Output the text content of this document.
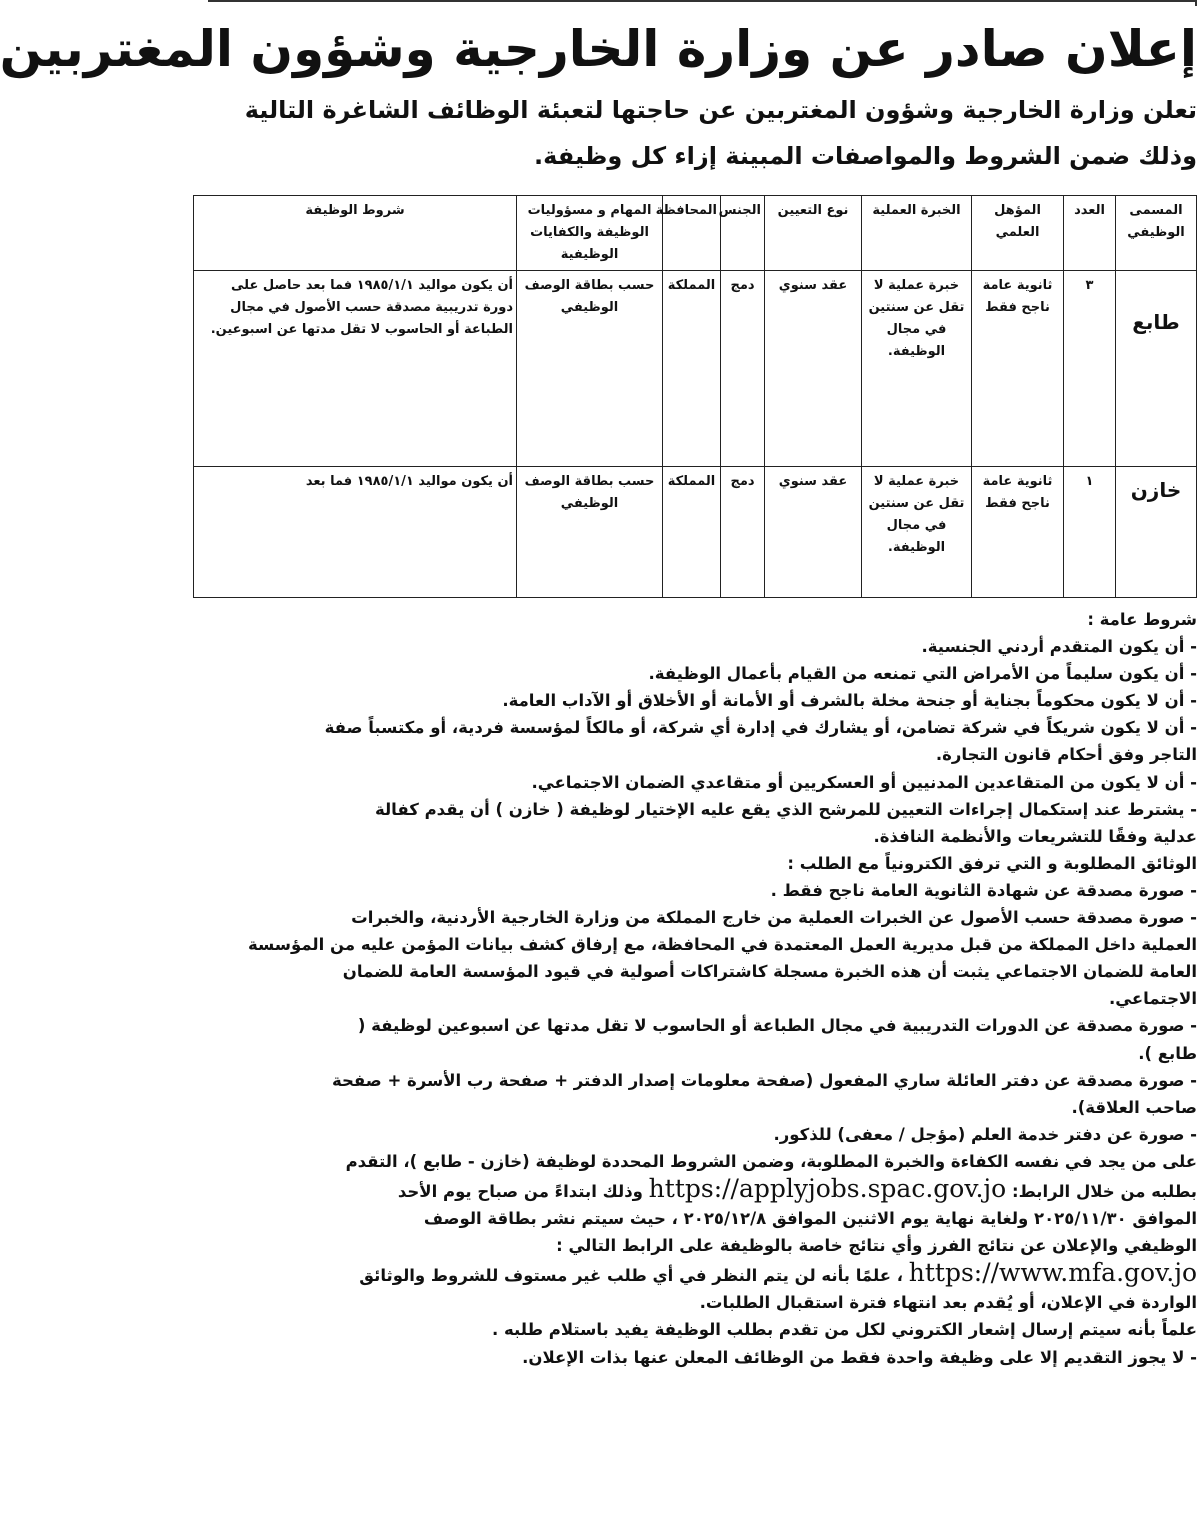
إعلان صادر عن وزارة الخارجية وشؤون المغتربين
تعلن وزارة الخارجية وشؤون المغتربين عن حاجتها لتعبئة الوظائف الشاغرة التالية
وذلك ضمن الشروط والمواصفات المبينة إزاء كل وظيفة.
المسمى الوظيفي	العدد	المؤهل العلمي	الخبرة العملية	نوع التعيين	الجنس	المحافظة	المهام و مسؤوليات الوظيفة والكفايات الوظيفية	شروط الوظيفة
طابع	٣	ثانوية عامة ناجح فقط	خبرة عملية لا تقل عن سنتين في مجال الوظيفة.	عقد سنوي	دمج	المملكة	حسب بطاقة الوصف الوظيفي	أن يكون مواليد ١٩٨٥/١/١ فما بعد حاصل على دورة تدريبية مصدقة حسب الأصول في مجال الطباعة أو الحاسوب لا تقل مدتها عن اسبوعين.
خازن	١	ثانوية عامة ناجح فقط	خبرة عملية لا تقل عن سنتين في مجال الوظيفة.	عقد سنوي	دمج	المملكة	حسب بطاقة الوصف الوظيفي	أن يكون مواليد ١٩٨٥/١/١ فما بعد

شروط عامة :

- أن يكون المتقدم أردني الجنسية.

- أن يكون سليماً من الأمراض التي تمنعه من القيام بأعمال الوظيفة.

- أن لا يكون محكوماً بجناية أو جنحة مخلة بالشرف أو الأمانة أو الأخلاق أو الآداب العامة.

- أن لا يكون شريكاً في شركة تضامن، أو يشارك في إدارة أي شركة، أو مالكاً لمؤسسة فردية، أو مكتسباً صفة

التاجر وفق أحكام قانون التجارة.

- أن لا يكون من المتقاعدين المدنيين أو العسكريين أو متقاعدي الضمان الاجتماعي.

- يشترط عند إستكمال إجراءات التعيين للمرشح الذي يقع عليه الإختيار لوظيفة ( خازن ) أن يقدم كفالة

عدلية وفقًا للتشريعات والأنظمة النافذة.

الوثائق المطلوبة و التي ترفق الكترونياً مع الطلب :

- صورة مصدقة عن شهادة الثانوية العامة ناجح فقط .

- صورة مصدقة حسب الأصول عن الخبرات العملية من خارج المملكة من وزارة الخارجية الأردنية، والخبرات

العملية داخل المملكة من قبل مديرية العمل المعتمدة في المحافظة، مع إرفاق كشف بيانات المؤمن عليه من المؤسسة

العامة للضمان الاجتماعي يثبت أن هذه الخبرة مسجلة كاشتراكات أصولية في قيود المؤسسة العامة للضمان

الاجتماعي.

- صورة مصدقة عن الدورات التدريبية في مجال الطباعة أو الحاسوب لا تقل مدتها عن اسبوعين لوظيفة (

طابع ).

- صورة مصدقة عن دفتر العائلة ساري المفعول (صفحة معلومات إصدار الدفتر + صفحة رب الأسرة + صفحة

صاحب العلاقة).

- صورة عن دفتر خدمة العلم (مؤجل / معفى) للذكور.

على من يجد في نفسه الكفاءة والخبرة المطلوبة، وضمن الشروط المحددة لوظيفة (خازن - طابع )، التقدم

بطلبه من خلال الرابط: https://applyjobs.spac.gov.jo وذلك ابتداءً من صباح يوم الأحد

الموافق ٢٠٢٥/١١/٣٠ ولغاية نهاية يوم الاثنين الموافق ٢٠٢٥/١٢/٨ ، حيث سيتم نشر بطاقة الوصف

الوظيفي والإعلان عن نتائج الفرز وأي نتائج خاصة بالوظيفة على الرابط التالي :

https://www.mfa.gov.jo ، علمًا بأنه لن يتم النظر في أي طلب غير مستوف للشروط والوثائق

الواردة في الإعلان، أو يُقدم بعد انتهاء فترة استقبال الطلبات.

علماً بأنه سيتم إرسال إشعار الكتروني لكل من تقدم بطلب الوظيفة يفيد باستلام طلبه .

- لا يجوز التقديم إلا على وظيفة واحدة فقط من الوظائف المعلن عنها بذات الإعلان.
